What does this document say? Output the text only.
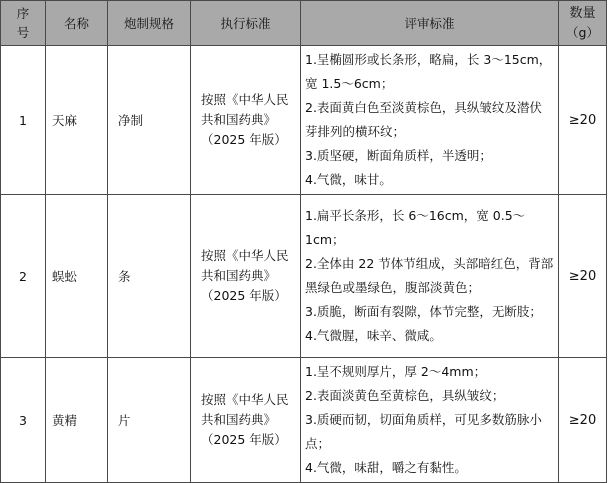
序
号	名称	炮制规格	执行标准	评审标准	数量
（g）

1	天麻	净制	按照《中华人民共和国药典》（2025 年版）	1.呈椭圆形或长条形，略扁，长 3～15cm，宽 1.5～6cm；
2.表面黄白色至淡黄棕色，具纵皱纹及潜伏芽排列的横环纹；
3.质坚硬，断面角质样，半透明；
4.气微，味甘。	≥20
2	蜈蚣	条	按照《中华人民共和国药典》（2025 年版）	1.扁平长条形，长 6～16cm，宽 0.5～1cm；
2.全体由 22 节体节组成，头部暗红色，背部黑绿色或墨绿色，腹部淡黄色；
3.质脆，断面有裂隙，体节完整，无断肢；
4.气微腥，味辛、微咸。	≥20
3	黄精	片	按照《中华人民共和国药典》（2025 年版）	1.呈不规则厚片，厚 2～4mm；
2.表面淡黄色至黄棕色，具纵皱纹；
3.质硬而韧，切面角质样，可见多数筋脉小点；
4.气微，味甜，嚼之有黏性。	≥20
